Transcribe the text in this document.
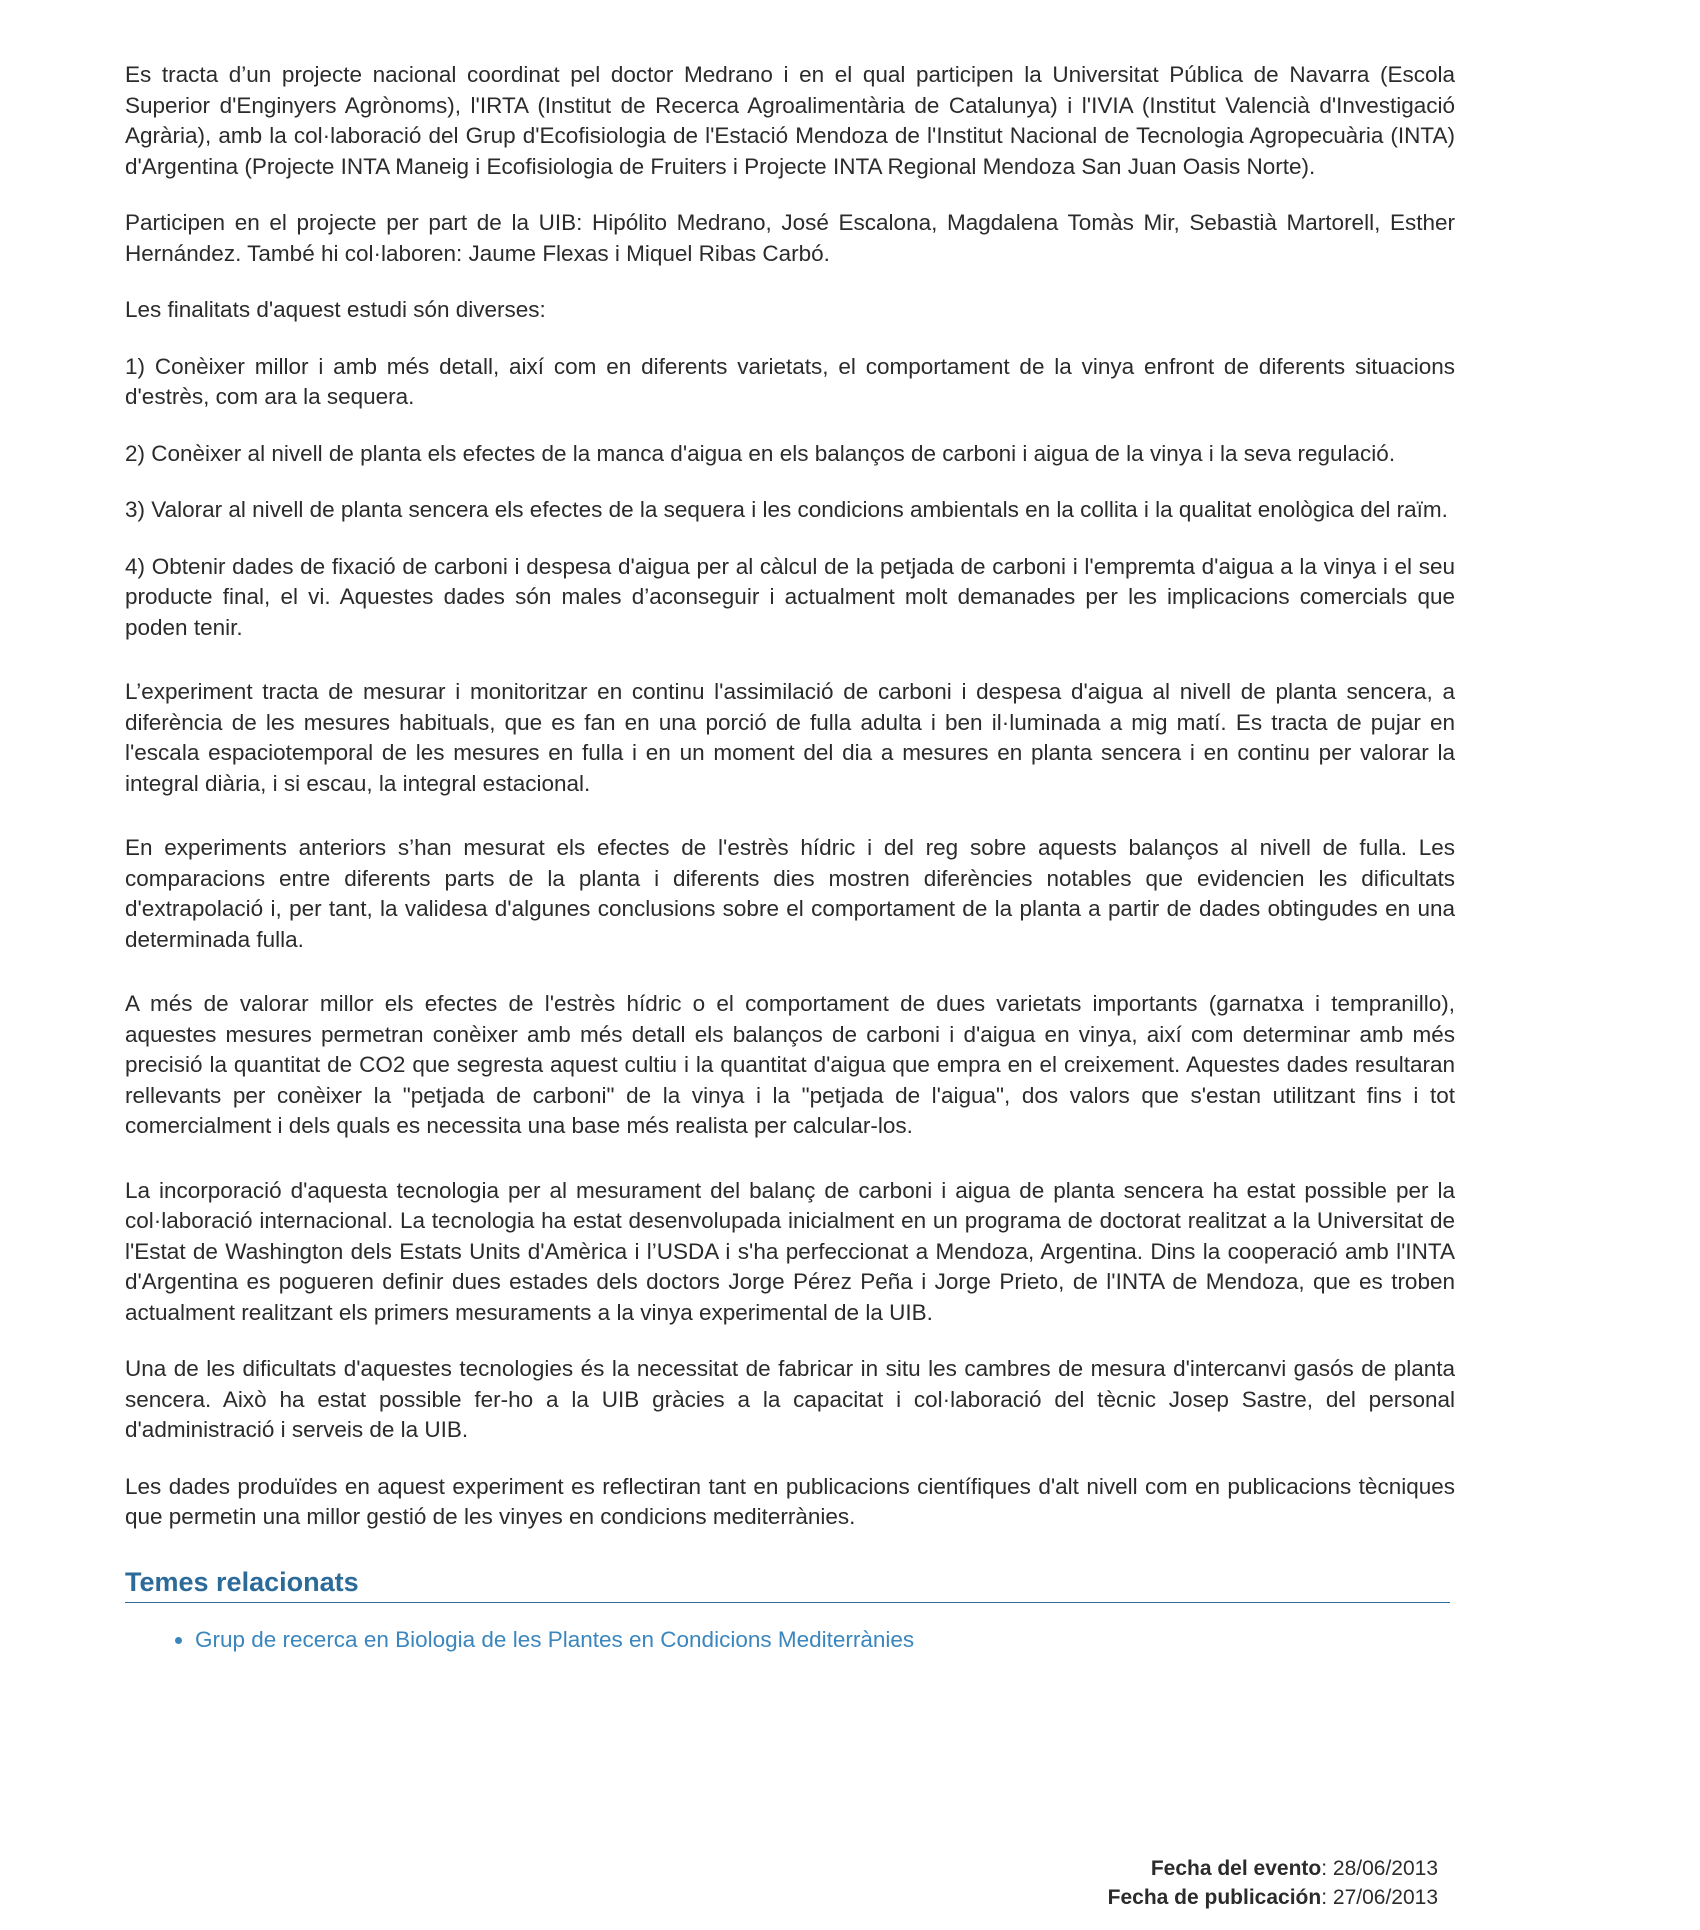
Es tracta d’un projecte nacional coordinat pel doctor Medrano i en el qual participen la Universitat Pública de Navarra (Escola Superior d'Enginyers Agrònoms), l'IRTA (Institut de Recerca Agroalimentària de Catalunya) i l'IVIA (Institut Valencià d'Investigació Agrària), amb la col·laboració del Grup d'Ecofisiologia de l'Estació Mendoza de l'Institut Nacional de Tecnologia Agropecuària (INTA) d'Argentina (Projecte INTA Maneig i Ecofisiologia de Fruiters i Projecte INTA Regional Mendoza San Juan Oasis Norte).

Participen en el projecte per part de la UIB: Hipólito Medrano, José Escalona, Magdalena Tomàs Mir, Sebastià Martorell, Esther Hernández. També hi col·laboren: Jaume Flexas i Miquel Ribas Carbó.

Les finalitats d'aquest estudi són diverses:

1) Conèixer millor i amb més detall, així com en diferents varietats, el comportament de la vinya enfront de diferents situacions d'estrès, com ara la sequera.

2) Conèixer al nivell de planta els efectes de la manca d'aigua en els balanços de carboni i aigua de la vinya i la seva regulació.

3) Valorar al nivell de planta sencera els efectes de la sequera i les condicions ambientals en la collita i la qualitat enològica del raïm.

4) Obtenir dades de fixació de carboni i despesa d'aigua per al càlcul de la petjada de carboni i l'empremta d'aigua a la vinya i el seu producte final, el vi. Aquestes dades són males d’aconseguir i actualment molt demanades per les implicacions comercials que poden tenir.

L’experiment tracta de mesurar i monitoritzar en continu l'assimilació de carboni i despesa d'aigua al nivell de planta sencera, a diferència de les mesures habituals, que es fan en una porció de fulla adulta i ben il·luminada a mig matí. Es tracta de pujar en l'escala espaciotemporal de les mesures en fulla i en un moment del dia a mesures en planta sencera i en continu per valorar la integral diària, i si escau, la integral estacional.

En experiments anteriors s’han mesurat els efectes de l'estrès hídric i del reg sobre aquests balanços al nivell de fulla. Les comparacions entre diferents parts de la planta i diferents dies mostren diferències notables que evidencien les dificultats d'extrapolació i, per tant, la validesa d'algunes conclusions sobre el comportament de la planta a partir de dades obtingudes en una determinada fulla.

A més de valorar millor els efectes de l'estrès hídric o el comportament de dues varietats importants (garnatxa i tempranillo), aquestes mesures permetran conèixer amb més detall els balanços de carboni i d'aigua en vinya, així com determinar amb més precisió la quantitat de CO2 que segresta aquest cultiu i la quantitat d'aigua que empra en el creixement. Aquestes dades resultaran rellevants per conèixer la "petjada de carboni" de la vinya i la "petjada de l'aigua", dos valors que s'estan utilitzant fins i tot comercialment i dels quals es necessita una base més realista per calcular-los.

La incorporació d'aquesta tecnologia per al mesurament del balanç de carboni i aigua de planta sencera ha estat possible per la col·laboració internacional. La tecnologia ha estat desenvolupada inicialment en un programa de doctorat realitzat a la Universitat de l'Estat de Washington dels Estats Units d'Amèrica i l’USDA i s'ha perfeccionat a Mendoza, Argentina. Dins la cooperació amb l'INTA d'Argentina es pogueren definir dues estades dels doctors Jorge Pérez Peña i Jorge Prieto, de l'INTA de Mendoza, que es troben actualment realitzant els primers mesuraments a la vinya experimental de la UIB.

Una de les dificultats d'aquestes tecnologies és la necessitat de fabricar in situ les cambres de mesura d'intercanvi gasós de planta sencera. Això ha estat possible fer-ho a la UIB gràcies a la capacitat i col·laboració del tècnic Josep Sastre, del personal d'administració i serveis de la UIB.

Les dades produïdes en aquest experiment es reflectiran tant en publicacions científiques d'alt nivell com en publicacions tècniques que permetin una millor gestió de les vinyes en condicions mediterrànies.

Temes relacionats
• Grup de recerca en Biologia de les Plantes en Condicions Mediterrànies
Fecha del evento: 28/06/2013
Fecha de publicación: 27/06/2013
